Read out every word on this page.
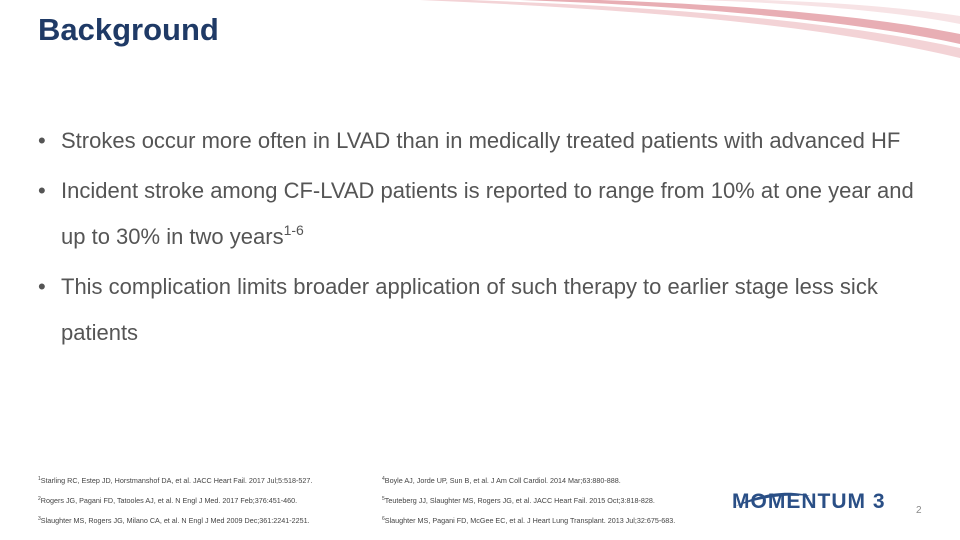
Background
• Strokes occur more often in LVAD than in medically treated patients with advanced HF
• Incident stroke among CF-LVAD patients is reported to range from 10% at one year and up to 30% in two years$^{1-6}$
• This complication limits broader application of such therapy to earlier stage less sick patients
$^1$Starling RC, Estep JD, Horstmanshof DA, et al. JACC Heart Fail. 2017 Jul;5:518-527.
$^2$Rogers JG, Pagani FD, Tatooles AJ, et al. N Engl J Med. 2017 Feb;376:451-460.
$^3$Slaughter MS, Rogers JG, Milano CA, et al. N Engl J Med 2009 Dec;361:2241-2251.
$^4$Boyle AJ, Jorde UP, Sun B, et al. J Am Coll Cardiol. 2014 Mar;63:880-888.
$^5$Teuteberg JJ, Slaughter MS, Rogers JG, et al. JACC Heart Fail. 2015 Oct;3:818-828.
$^6$Slaughter MS, Pagani FD, McGee EC, et al. J Heart Lung Transplant. 2013 Jul;32:675-683.
MOMENTUM 3	2
